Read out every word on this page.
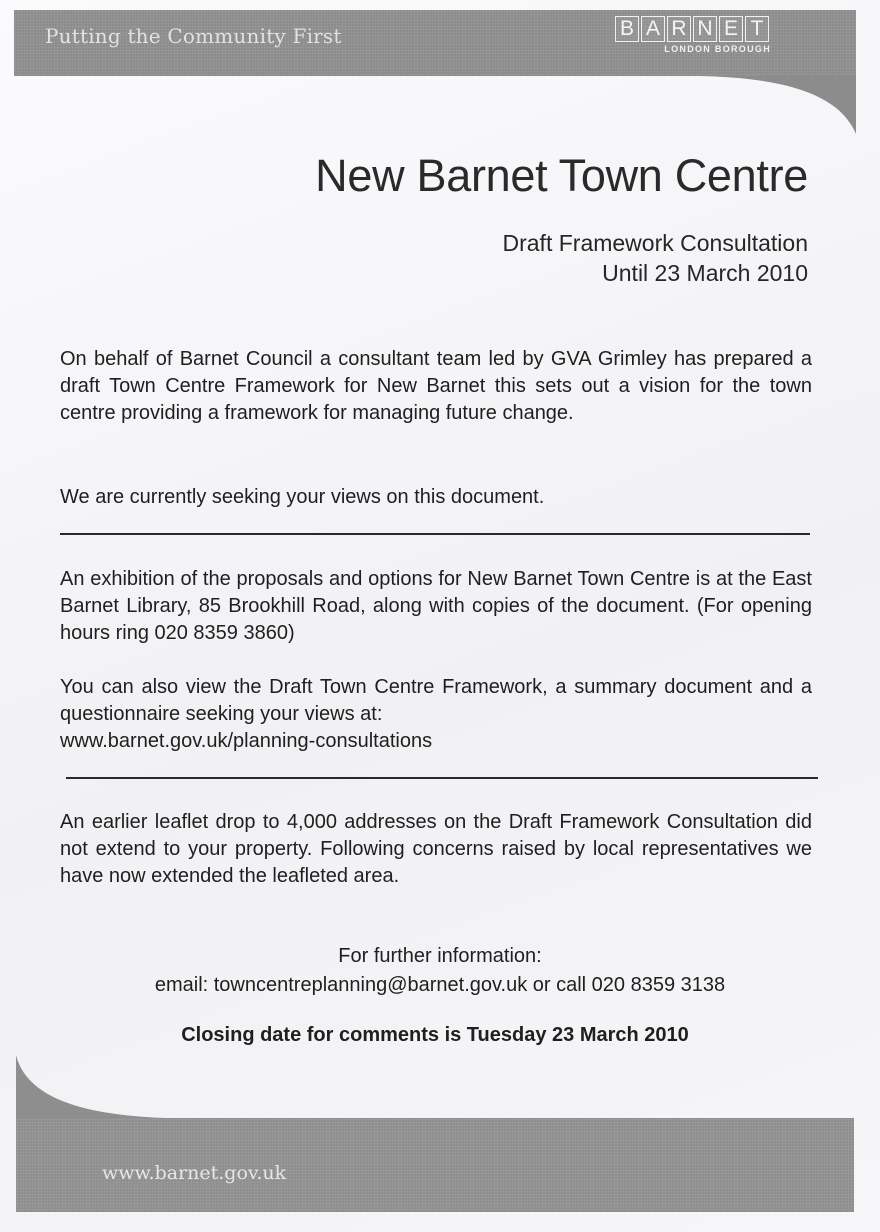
Putting the Community First	B A R N E T
LONDON BOROUGH
New Barnet Town Centre
Draft Framework Consultation
Until 23 March 2010

On behalf of Barnet Council a consultant team led by GVA Grimley has prepared a draft Town Centre Framework for New Barnet this sets out a vision for the town centre providing a framework for managing future change.

We are currently seeking your views on this document.

An exhibition of the proposals and options for New Barnet Town Centre is at the East Barnet Library, 85 Brookhill Road, along with copies of the document. (For opening hours ring 020 8359 3860)

You can also view the Draft Town Centre Framework, a summary document and a questionnaire seeking your views at:

www.barnet.gov.uk/planning-consultations

An earlier leaflet drop to 4,000 addresses on the Draft Framework Consultation did not extend to your property. Following concerns raised by local representatives we have now extended the leafleted area.

For further information:
email: towncentreplanning@barnet.gov.uk or call 020 8359 3138
Closing date for comments is Tuesday 23 March 2010
www.barnet.gov.uk
